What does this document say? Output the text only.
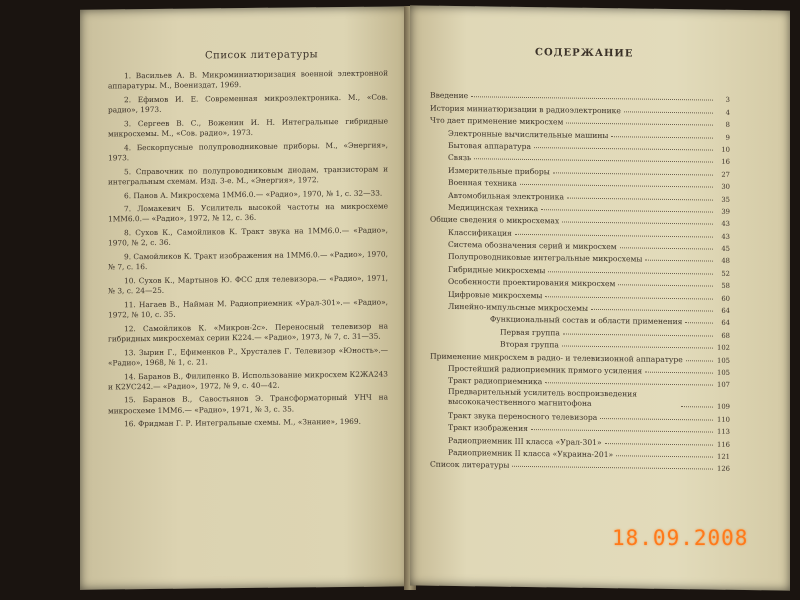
Список литературы
1. Васильев А. В. Микроминиатюризация военной электронной аппаратуры. М., Воениздат, 1969.
2. Ефимов И. Е. Современная микроэлектроника. М., «Сов. радио», 1973.
3. Сергеев В. С., Воженин И. Н. Интегральные гибридные микросхемы. М., «Сов. радио», 1973.
4. Бескорпусные полупроводниковые приборы. М., «Энергия», 1973.
5. Справочник по полупроводниковым диодам, транзисторам и интегральным схемам. Изд. 3-е. М., «Энергия», 1972.
6. Панов А. Микросхема 1ММ6.0.— «Радио», 1970, № 1, с. 32—33.
7. Ломакевич Б. Усилитель высокой частоты на микросхеме 1ММ6.0.— «Радио», 1972, № 12, с. 36.
8. Сухов К., Самойликов К. Тракт звука на 1ММ6.0.— «Радио», 1970, № 2, с. 36.
9. Самойликов К. Тракт изображения на 1ММ6.0.— «Радио», 1970, № 7, с. 16.
10. Сухов К., Мартынов Ю. ФСС для телевизора.— «Радио», 1971, № 3, с. 24—25.
11. Нагаев В., Найман М. Радиоприемник «Урал-301».— «Радио», 1972, № 10, с. 35.
12. Самойликов К. «Микрон-2с». Переносный телевизор на гибридных микросхемах серии К224.— «Радио», 1973, № 7, с. 31—35.
13. Зырин Г., Ефименков Р., Хрусталев Г. Телевизор «Юность».— «Радио», 1968, № 1, с. 21.
14. Баранов В., Филипенко В. Использование микросхем К2ЖА243 и К2УС242.— «Радио», 1972, № 9, с. 40—42.
15. Баранов В., Савостьянов Э. Трансформаторный УНЧ на микросхеме 1ММ6.— «Радио», 1971, № 3, с. 35.
16. Фридман Г. Р. Интегральные схемы. М., «Знание», 1969.
СОДЕРЖАНИЕ
Введение	3
История миниатюризации в радиоэлектронике	4
Что дает применение микросхем	8
Электронные вычислительные машины	9
Бытовая аппаратура	10
Связь	16
Измерительные приборы	27
Военная техника	30
Автомобильная электроника	35
Медицинская техника	39
Общие сведения о микросхемах	43
Классификация	43
Система обозначения серий и микросхем	45
Полупроводниковые интегральные микросхемы	48
Гибридные микросхемы	52
Особенности проектирования микросхем	58
Цифровые микросхемы	60
Линейно-импульсные микросхемы	64
Функциональный состав и области применения	64
Первая группа	68
Вторая группа	102
Применение микросхем в радио- и телевизионной аппаратуре	105
Простейший радиоприемник прямого усиления	105
Тракт радиоприемника	107
Предварительный усилитель воспроизведения высококачественного магнитофона	109
Тракт звука переносного телевизора	110
Тракт изображения	113
Радиоприемник III класса «Урал-301»	116
Радиоприемник II класса «Украина-201»	121
Список литературы	126
18.09.2008
